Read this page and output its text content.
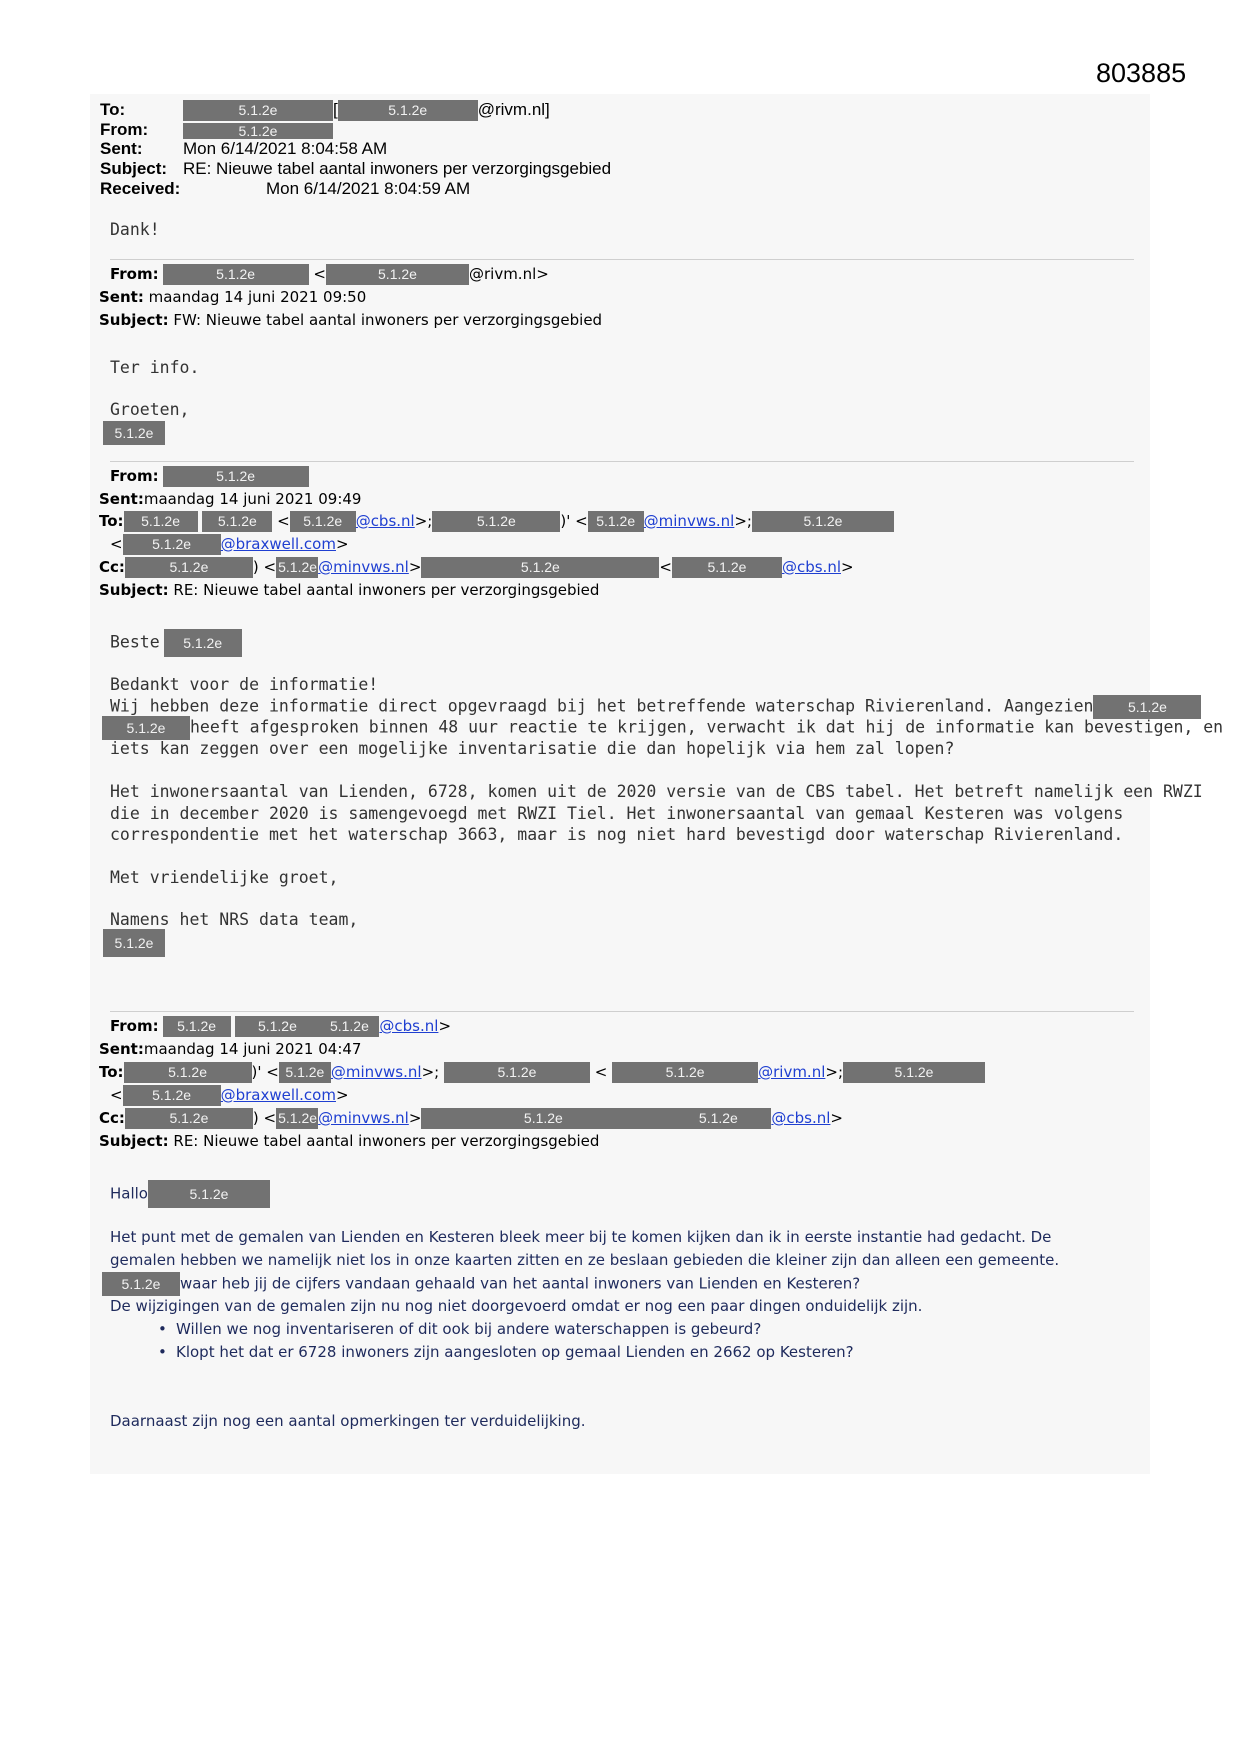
803885
To:	5.1.2e	[	5.1.2e	@rivm.nl]
From:	5.1.2e
Sent: Mon 6/14/2021 8:04:58 AM
Subject: RE: Nieuwe tabel aantal inwoners per verzorgingsgebied
Received:	Mon 6/14/2021 8:04:59 AM
Dank!
From:	5.1.2e	<	5.1.2e	@rivm.nl>
Sent: maandag 14 juni 2021 09:50
Subject: FW: Nieuwe tabel aantal inwoners per verzorgingsgebied
Ter info.
Groeten,
5.1.2e
From:	5.1.2e
Sent:maandag 14 juni 2021 09:49
To: 5.1.2e	5.1.2e < 5.1.2e @cbs.nl>;	5.1.2e	)' < 5.1.2e @minvws.nl>;	5.1.2e
< 5.1.2e @braxwell.com>
Cc:	5.1.2e	) < 5.1.2e@minvws.nl>	5.1.2e	<	5.1.2e @cbs.nl>
Subject: RE: Nieuwe tabel aantal inwoners per verzorgingsgebied
Beste 5.1.2e
Bedankt voor de informatie!
Wij hebben deze informatie direct opgevraagd bij het betreffende waterschap Rivierenland. Aangezien 5.1.2e
5.1.2e heeft afgesproken binnen 48 uur reactie te krijgen, verwacht ik dat hij de informatie kan bevestigen, en
iets kan zeggen over een mogelijke inventarisatie die dan hopelijk via hem zal lopen?
Het inwonersaantal van Lienden, 6728, komen uit de 2020 versie van de CBS tabel. Het betreft namelijk een RWZI
die in december 2020 is samengevoegd met RWZI Tiel. Het inwonersaantal van gemaal Kesteren was volgens
correspondentie met het waterschap 3663, maar is nog niet hard bevestigd door waterschap Rivierenland.
Met vriendelijke groet,
Namens het NRS data team,
5.1.2e
From: 5.1.2e	5.1.2e 5.1.2e @cbs.nl>
Sent:maandag 14 juni 2021 04:47
To:	5.1.2e	)' < 5.1.2e @minvws.nl>;	5.1.2e	<	5.1.2e	@rivm.nl>;	5.1.2e
< 5.1.2e @braxwell.com>
Cc:	5.1.2e	) < 5.1.2e@minvws.nl>	5.1.2e	5.1.2e @cbs.nl>
Subject: RE: Nieuwe tabel aantal inwoners per verzorgingsgebied
Hallo	5.1.2e
Het punt met de gemalen van Lienden en Kesteren bleek meer bij te komen kijken dan ik in eerste instantie had gedacht. De
gemalen hebben we namelijk niet los in onze kaarten zitten en ze beslaan gebieden die kleiner zijn dan alleen een gemeente.
5.1.2e waar heb jij de cijfers vandaan gehaald van het aantal inwoners van Lienden en Kesteren?
De wijzigingen van de gemalen zijn nu nog niet doorgevoerd omdat er nog een paar dingen onduidelijk zijn.
• Willen we nog inventariseren of dit ook bij andere waterschappen is gebeurd?
• Klopt het dat er 6728 inwoners zijn aangesloten op gemaal Lienden en 2662 op Kesteren?
Daarnaast zijn nog een aantal opmerkingen ter verduidelijking.
